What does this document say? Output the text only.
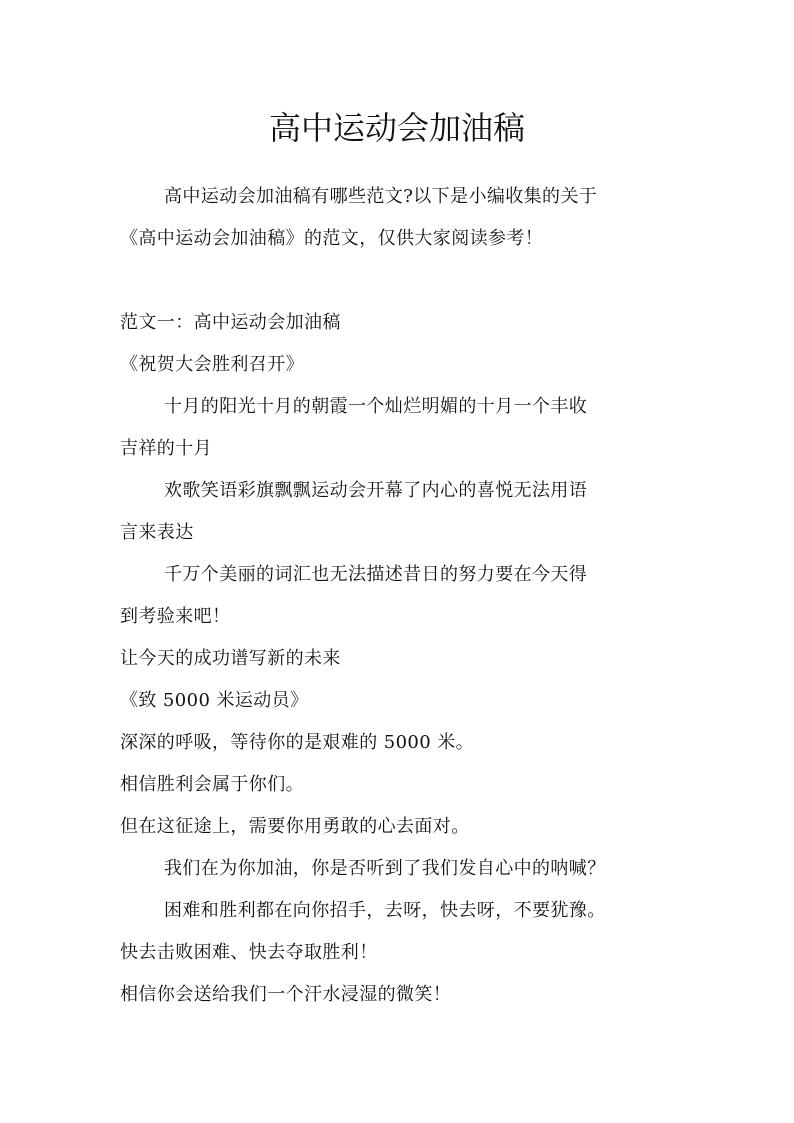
高中运动会加油稿

高中运动会加油稿有哪些范文?以下是小编收集的关于

《高中运动会加油稿》的范文，仅供大家阅读参考！

范文一：高中运动会加油稿

《祝贺大会胜利召开》

十月的阳光十月的朝霞一个灿烂明媚的十月一个丰收

吉祥的十月

欢歌笑语彩旗飘飘运动会开幕了内心的喜悦无法用语

言来表达

千万个美丽的词汇也无法描述昔日的努力要在今天得

到考验来吧！

让今天的成功谱写新的未来

《致 5000 米运动员》

深深的呼吸，等待你的是艰难的 5000 米。

相信胜利会属于你们。

但在这征途上，需要你用勇敢的心去面对。

我们在为你加油，你是否听到了我们发自心中的呐喊？

困难和胜利都在向你招手，去呀，快去呀，不要犹豫。

快去击败困难、快去夺取胜利！

相信你会送给我们一个汗水浸湿的微笑！
